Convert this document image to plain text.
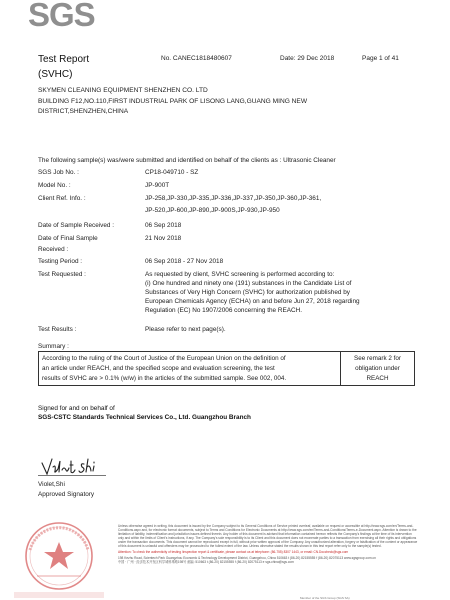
SGS
Test Report
(SVHC)
No. CANEC1818480607	Date: 29 Dec 2018	Page 1 of 41
SKYMEN CLEANING EQUIPMENT SHENZHEN CO. LTD
BUILDING F12,NO.110,FIRST INDUSTRIAL PARK OF LISONG LANG,GUANG MING NEW
DISTRICT,SHENZHEN,CHINA
The following sample(s) was/were submitted and identified on behalf of the clients as : Ultrasonic Cleaner
SGS Job No. :	CP18-049710 - SZ
Model No. :	JP-900T
Client Ref. Info. :	JP-258,JP-330,JP-335,JP-336,JP-337,JP-350,JP-360,JP-361,
JP-520,JP-600,JP-890,JP-900S,JP-930,JP-950
Date of Sample Received :	06 Sep 2018
Date of Final Sample
Received :
21 Nov 2018
Testing Period :	06 Sep 2018 - 27 Nov 2018
Test Requested :	As requested by client, SVHC screening is performed according to:
(i) One hundred and ninety one (191) substances in the Candidate List of
Substances of Very High Concern (SVHC) for authorization published by
European Chemicals Agency (ECHA) on and before Jun 27, 2018 regarding
Regulation (EC) No 1907/2006 concerning the REACH.
Test Results :	Please refer to next page(s).
Summary :
According to the ruling of the Court of Justice of the European Union on the definition of
an article under REACH, and the specified scope and evaluation screening, the test
results of SVHC are > 0.1% (w/w) in the articles of the submitted sample. See 002, 004.
See remark 2 for
obligation under
REACH
Signed for and on behalf of
SGS-CSTC Standards Technical Services Co., Ltd. Guangzhou Branch
Violet,Shi
Approved Signatory
Unless otherwise agreed in writing, this document is issued by the Company subject to its General Conditions of Service printed overleaf, available on request or accessible at http://www.sgs.com/en/Terms-and-Conditions.aspx and, for electronic format documents, subject to Terms and Conditions for Electronic Documents at http://www.sgs.com/en/Terms-and-Conditions/Terms-e-Document.aspx. Attention is drawn to the limitation of liability, indemnification and jurisdiction issues defined therein. Any holder of this document is advised that information contained hereon reflects the Company's findings at the time of its intervention only and within the limits of Client's instructions, if any. The Company's sole responsibility is to its Client and this document does not exonerate parties to a transaction from exercising all their rights and obligations under the transaction documents. This document cannot be reproduced except in full, without prior written approval of the Company. Any unauthorized alteration, forgery or falsification of the content or appearance of this document is unlawful and offenders may be prosecuted to the fullest extent of the law. Unless otherwise stated the results shown in this test report refer only to the sample(s) tested.
Attention: To check the authenticity of testing /inspection report & certificate, please contact us at telephone: (86-755) 8307 1443, or email: CN.Doccheck@sgs.com
198 Kezhu Road, Scientech Park Guangzhou Economic & Technology Development District, Guangzhou, China 510663 t (86-20) 82155555 f (86-20) 82075113 www.sgsgroup.com.cn
中国 · 广州 · 经济技术开发区科学城科珠路198号 邮编: 510663 t (86-20) 82155555 f (86-20) 82075113 e sgs.china@sgs.com
Member of the SGS Group (SGS SA)
